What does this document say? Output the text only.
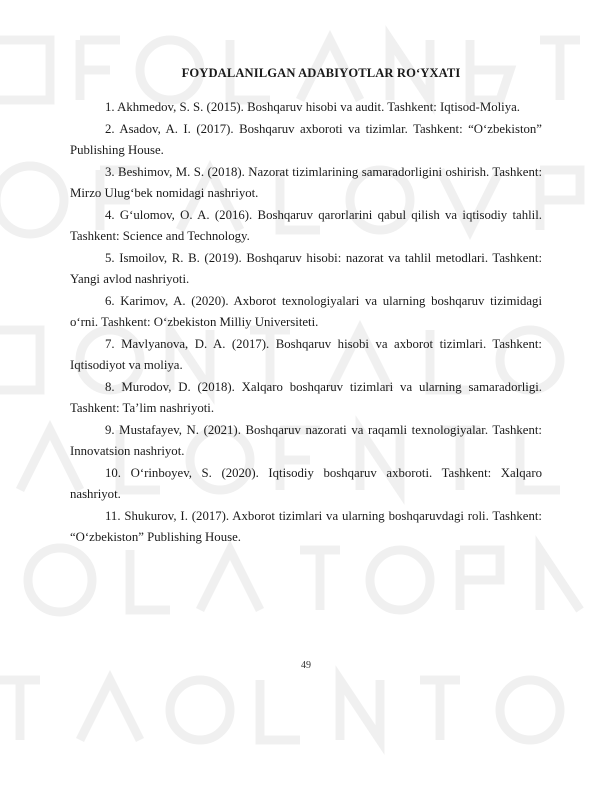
FOYDALANILGAN ADABIYOTLAR RO‘YXATI

1. Akhmedov, S. S. (2015). Boshqaruv hisobi va audit. Tashkent: Iqtisod-Moliya.

2. Asadov, A. I. (2017). Boshqaruv axboroti va tizimlar. Tashkent: “O‘zbekiston” Publishing House.

3. Beshimov, M. S. (2018). Nazorat tizimlarining samaradorligini oshirish. Tashkent: Mirzo Ulug‘bek nomidagi nashriyot.

4. G‘ulomov, O. A. (2016). Boshqaruv qarorlarini qabul qilish va iqtisodiy tahlil. Tashkent: Science and Technology.

5. Ismoilov, R. B. (2019). Boshqaruv hisobi: nazorat va tahlil metodlari. Tashkent: Yangi avlod nashriyoti.

6. Karimov, A. (2020). Axborot texnologiyalari va ularning boshqaruv tizimidagi o‘rni. Tashkent: O‘zbekiston Milliy Universiteti.

7. Mavlyanova, D. A. (2017). Boshqaruv hisobi va axborot tizimlari. Tashkent: Iqtisodiyot va moliya.

8. Murodov, D. (2018). Xalqaro boshqaruv tizimlari va ularning samaradorligi. Tashkent: Ta’lim nashriyoti.

9. Mustafayev, N. (2021). Boshqaruv nazorati va raqamli texnologiyalar. Tashkent: Innovatsion nashriyot.

10. O‘rinboyev, S. (2020). Iqtisodiy boshqaruv axboroti. Tashkent: Xalqaro nashriyot.

11. Shukurov, I. (2017). Axborot tizimlari va ularning boshqaruvdagi roli. Tashkent: “O‘zbekiston” Publishing House.

49
